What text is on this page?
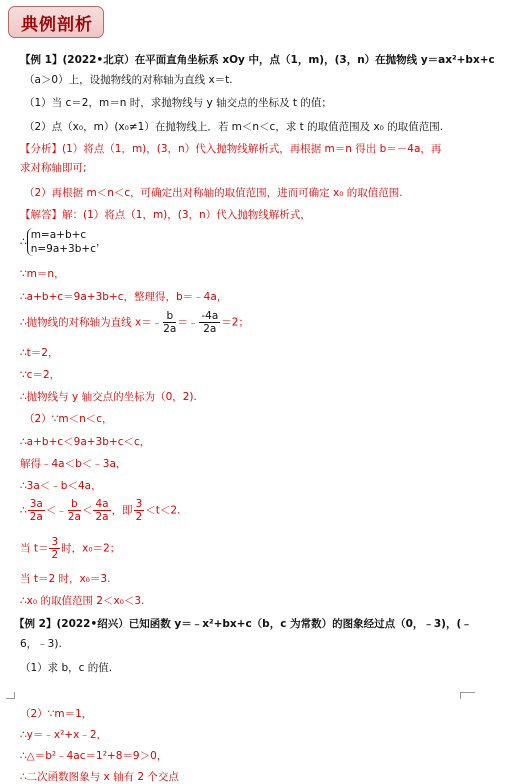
典例剖析
【例 1】(2022•北京）在平面直角坐标系 xOy 中，点（1，m)，(3，n）在抛物线 y＝ax²+bx+c
（a＞0）上，设抛物线的对称轴为直线 x＝t.
（1）当 c＝2，m＝n 时，求抛物线与 y 轴交点的坐标及 t 的值；
（2）点（x₀，m）(x₀≠1）在抛物线上．若 m＜n＜c，求 t 的取值范围及 x₀ 的取值范围.
【分析】(1）将点（1，m)，(3，n）代入抛物线解析式，再根据 m＝n 得出 b＝－4a，再
求对称轴即可;
（2）再根据 m＜n＜c，可确定出对称轴的取值范围，进而可确定 x₀ 的取值范围.
【解答】解：(1）将点（1，m)，(3，n）代入抛物线解析式，
∴
m=a+b+c
n=9a+3b+c
，
∵m＝n，
∴a+b+c＝9a+3b+c，整理得，b＝﹣4a，
∴抛物线的对称轴为直线 x＝﹣ $\frac{b}{2a}$ ＝﹣ $\frac{-4a}{2a} =2$；
∴t＝2，
∵c＝2，
∴抛物线与 y 轴交点的坐标为（0，2).
（2）∵m＜n＜c，
∴a+b+c＜9a+3b+c＜c，
解得﹣4a＜b＜﹣3a，
∴3a＜﹣b＜4a，
∴ $\frac{3a}{2a}$ ＜﹣ $\frac{b}{2a} < \frac{4a}{2a}$ ，即 $\frac{3}{2} <t<2$.
当 $t= \frac{3}{2}$ 时，x₀＝2；
当 t＝2 时，x₀＝3.
∴x₀ 的取值范围 2＜x₀＜3.
【例 2】(2022•绍兴）已知函数 y＝﹣x²+bx+c（b，c 为常数）的图象经过点（0，﹣3)，(﹣
6，﹣3).
（1）求 b，c 的值.
（2）∵m＝1，
∴y＝﹣x²+x﹣2，
∴△＝b²﹣4ac＝1²+8＝9＞0，
∴二次函数图象与 x 轴有 2 个交点
